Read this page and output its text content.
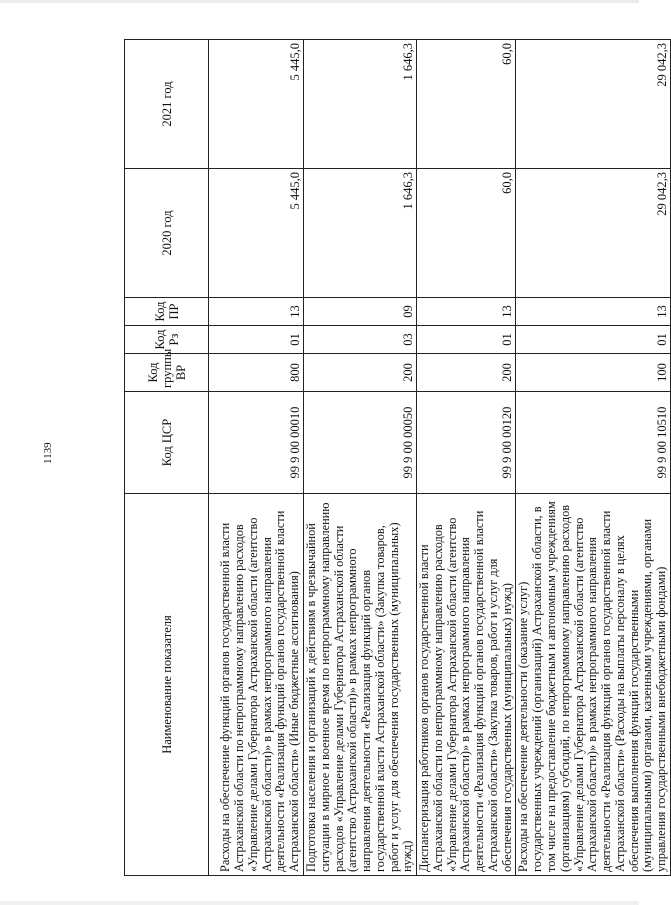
1139
Наименование показателя	Код ЦСР	Код группы ВР	Код Рз	Код ПР	2020 год	2021 год
Расходы на обеспечение функций органов государственной власти Астраханской области по непрограммному направлению расходов «Управление делами Губернатора Астраханской области (агентство Астраханской области)» в рамках непрограммного направления деятельности «Реализация функций органов государственной власти Астраханской области» (Иные бюджетные ассигнования)	99 9 00 00010	800	01	13	5 445,0	5 445,0
Подготовка населения и организаций к действиям в чрезвычайной ситуации в мирное и военное время по непрограммному направлению расходов «Управление делами Губернатора Астраханской области (агентство Астраханской области)» в рамках непрограммного направления деятельности «Реализация функций органов государственной власти Астраханской области» (Закупка товаров, работ и услуг для обеспечения государственных (муниципальных) нужд)	99 9 00 00050	200	03	09	1 646,3	1 646,3
Диспансеризация работников органов государственной власти Астраханской области по непрограммному направлению расходов «Управление делами Губернатора Астраханской области (агентство Астраханской области)» в рамках непрограммного направления деятельности «Реализация функций органов государственной власти Астраханской области» (Закупка товаров, работ и услуг для обеспечения государственных (муниципальных) нужд)	99 9 00 00120	200	01	13	60,0	60,0
Расходы на обеспечение деятельности (оказание услуг) государственных учреждений (организаций) Астраханской области, в том числе на предоставление бюджетным и автономным учреждениям (организациям) субсидий, по непрограммному направлению расходов «Управление делами Губернатора Астраханской области (агентство Астраханской области)» в рамках непрограммного направления деятельности «Реализация функций органов государственной власти Астраханской области» (Расходы на выплаты персоналу в целях обеспечения выполнения функций государственными (муниципальными) органами, казенными учреждениями, органами управления государственными внебюджетными фондами)	99 9 00 10510	100	01	13	29 042,3	29 042,3
